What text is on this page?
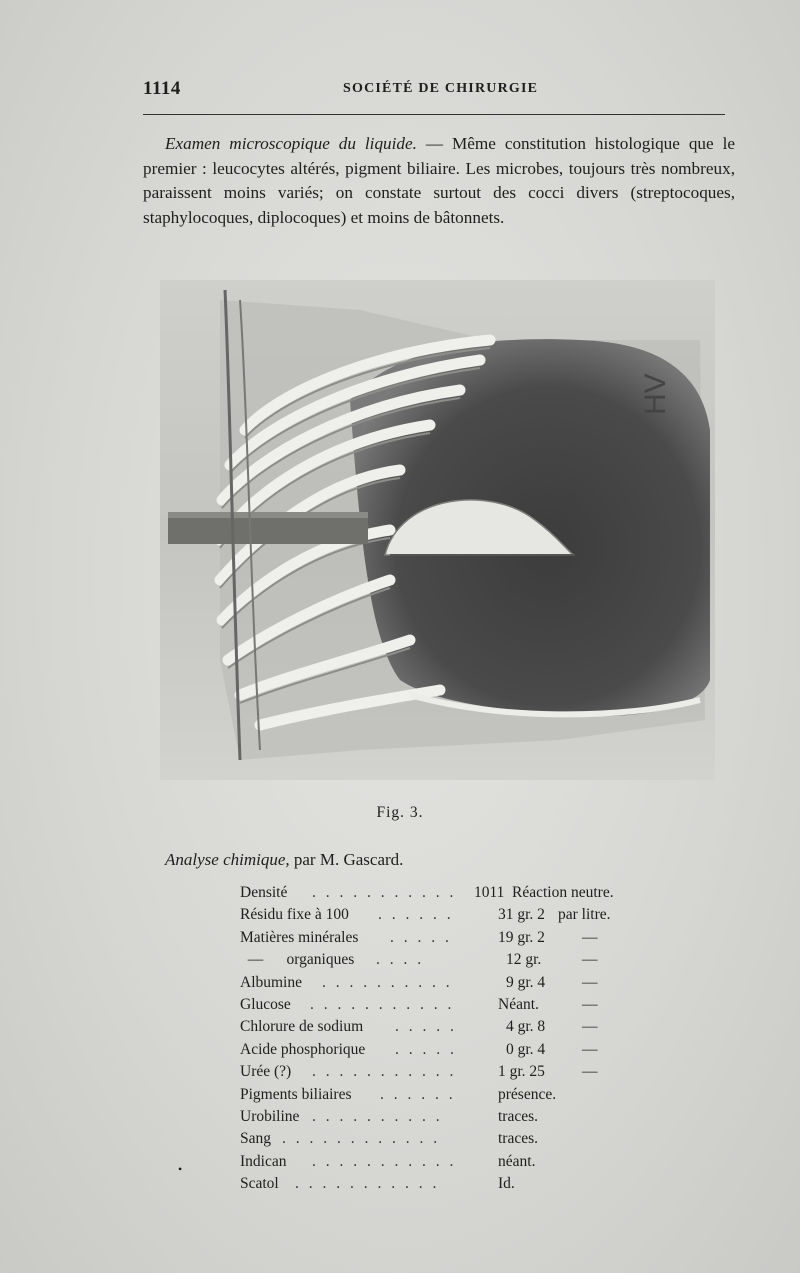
1114	SOCIÉTÉ DE CHIRURGIE

Examen microscopique du liquide. — Même constitution histologique que le premier : leucocytes altérés, pigment biliaire. Les microbes, toujours très nombreux, paraissent moins variés; on constate surtout des cocci divers (streptocoques, staphylocoques, diplocoques) et moins de bâtonnets.

HV
Fig. 3.
Analyse chimique, par M. Gascard.
Densité . . . . . . . . . . . 1011 Réaction neutre.
Résidu fixe à 100 . . . . . .	31 gr. 2 par litre.
Matières minérales . . . . .	19 gr. 2 —
—      organiques . . . .	12 gr.	—
Albumine . . . . . . . . . .	9 gr. 4 —
Glucose . . . . . . . . . . .	Néant.	—
Chlorure de sodium . . . . .	4 gr. 8 —
Acide phosphorique . . . . .	0 gr. 4 —
Urée (?) . . . . . . . . . . .	1 gr. 25 —
Pigments biliaires . . . . . .	présence.
Urobiline . . . . . . . . . .	traces.
Sang . . . . . . . . . . . .	traces.
Indican . . . . . . . . . . .	néant.
Scatol . . . . . . . . . . .	Id.
•
